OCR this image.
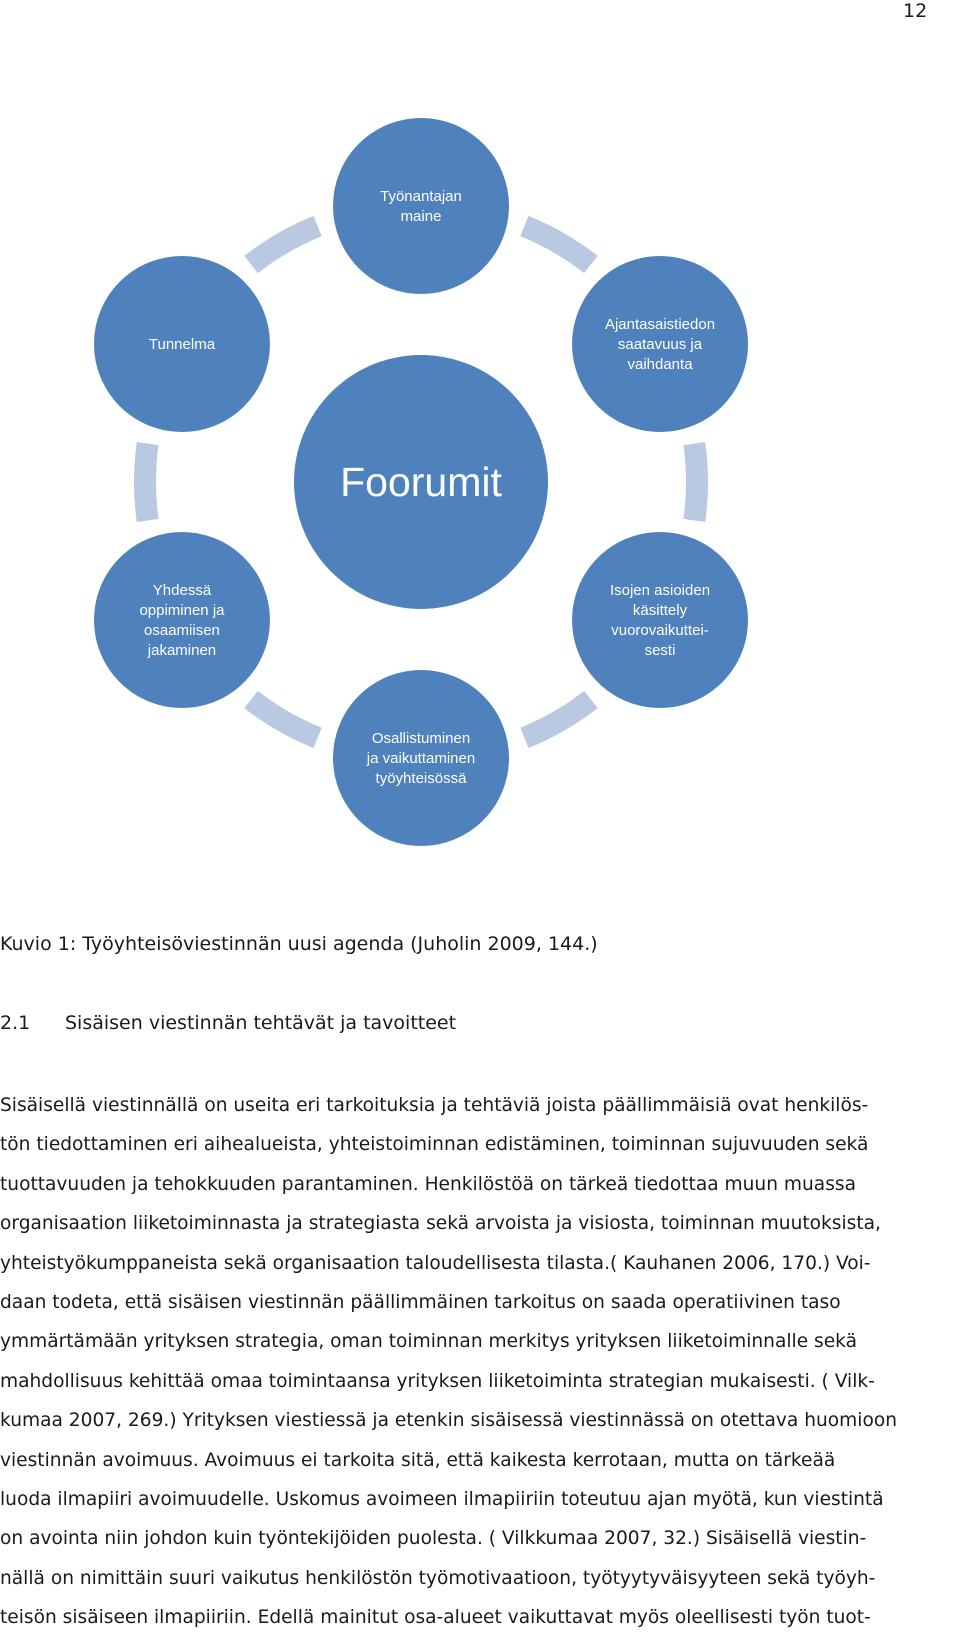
12
Työnantajan
maine
Ajantasaistiedon
saatavuus ja
vaihdanta
Isojen asioiden
käsittely
vuorovaikuttei-
sesti
Osallistuminen
ja vaikuttaminen
työyhteisössä
Yhdessä
oppiminen ja
osaamiisen
jakaminen
Tunnelma
Foorumit
Kuvio 1: Työyhteisöviestinnän uusi agenda (Juholin 2009, 144.)
2.1 Sisäisen viestinnän tehtävät ja tavoitteet
Sisäisellä viestinnällä on useita eri tarkoituksia ja tehtäviä joista päällimmäisiä ovat henkilös-
tön tiedottaminen eri aihealueista, yhteistoiminnan edistäminen, toiminnan sujuvuuden sekä
tuottavuuden ja tehokkuuden parantaminen. Henkilöstöä on tärkeä tiedottaa muun muassa
organisaation liiketoiminnasta ja strategiasta sekä arvoista ja visiosta, toiminnan muutoksista,
yhteistyökumppaneista sekä organisaation taloudellisesta tilasta.( Kauhanen 2006, 170.) Voi-
daan todeta, että sisäisen viestinnän päällimmäinen tarkoitus on saada operatiivinen taso
ymmärtämään yrityksen strategia, oman toiminnan merkitys yrityksen liiketoiminnalle sekä
mahdollisuus kehittää omaa toimintaansa yrityksen liiketoiminta strategian mukaisesti. ( Vilk-
kumaa 2007, 269.) Yrityksen viestiessä ja etenkin sisäisessä viestinnässä on otettava huomioon
viestinnän avoimuus. Avoimuus ei tarkoita sitä, että kaikesta kerrotaan, mutta on tärkeää
luoda ilmapiiri avoimuudelle. Uskomus avoimeen ilmapiiriin toteutuu ajan myötä, kun viestintä
on avointa niin johdon kuin työntekijöiden puolesta. ( Vilkkumaa 2007, 32.) Sisäisellä viestin-
nällä on nimittäin suuri vaikutus henkilöstön työmotivaatioon, työtyytyväisyyteen sekä työyh-
teisön sisäiseen ilmapiiriin. Edellä mainitut osa-alueet vaikuttavat myös oleellisesti työn tuot-
